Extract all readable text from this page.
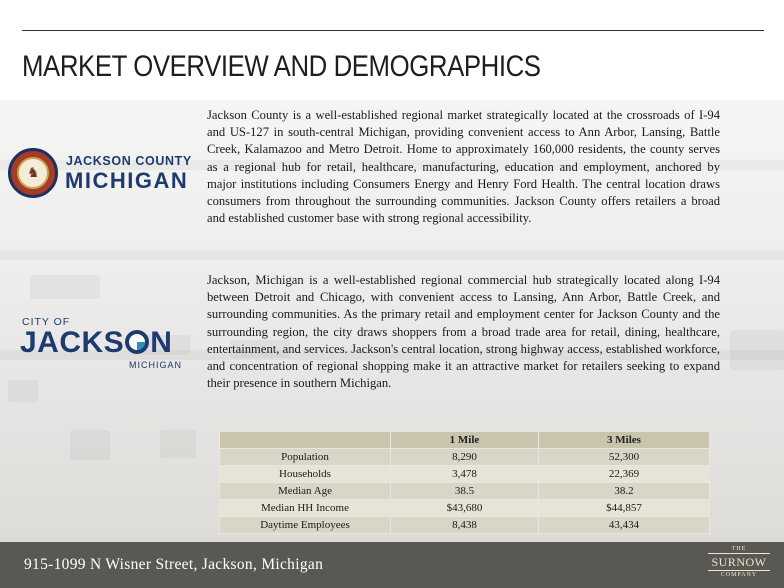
MARKET OVERVIEW AND DEMOGRAPHICS
♞
JACKSON COUNTY
MICHIGAN
CITY OF
JACKS N
MICHIGAN

Jackson County is a well-established regional market strategically located at the crossroads of I-94 and US-127 in south-central Michigan, providing convenient access to Ann Arbor, Lansing, Battle Creek, Kalamazoo and Metro Detroit. Home to approximately 160,000 residents, the county serves as a regional hub for retail, healthcare, manufacturing, education and employment, anchored by major institutions including Consumers Energy and Henry Ford Health. The central location draws consumers from throughout the surrounding communities. Jackson County offers retailers a broad and established customer base with strong regional accessibility.

Jackson, Michigan is a well-established regional commercial hub strategically located along I-94 between Detroit and Chicago, with convenient access to Lansing, Ann Arbor, Battle Creek, and surrounding communities. As the primary retail and employment center for Jackson County and the surrounding region, the city draws shoppers from a broad trade area for retail, dining, healthcare, entertainment, and services. Jackson's central location, strong highway access, established workforce, and concentration of regional shopping make it an attractive market for retailers seeking to expand their presence in southern Michigan.

	1 Mile	3 Miles
Population	8,290	52,300
Households	3,478	22,369
Median Age	38.5	38.2
Median HH Income	$43,680	$44,857
Daytime Employees	8,438	43,434
915-1099 N Wisner Street, Jackson, Michigan
THE
SURNOW
COMPANY
